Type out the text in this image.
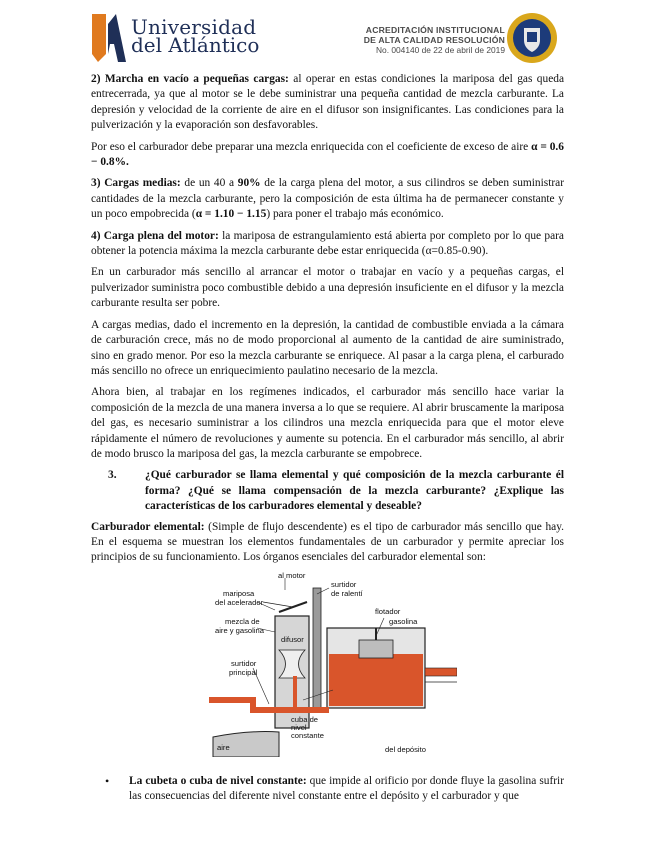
Universidad
del Atlántico
ACREDITACIÓN INSTITUCIONAL
DE ALTA CALIDAD RESOLUCIÓN
No. 004140 de 22 de abril de 2019

2) Marcha en vacío a pequeñas cargas: al operar en estas condiciones la mariposa del gas queda entrecerrada, ya que al motor se le debe suministrar una pequeña cantidad de mezcla carburante. La depresión y velocidad de la corriente de aire en el difusor son insignificantes. Las condiciones para la pulverización y la evaporación son desfavorables.

Por eso el carburador debe preparar una mezcla enriquecida con el coeficiente de exceso de aire α = 0.6 − 0.8%.

3) Cargas medias: de un 40 a 90% de la carga plena del motor, a sus cilindros se deben suministrar cantidades de la mezcla carburante, pero la composición de esta última ha de permanecer constante y un poco empobrecida (α = 1.10 − 1.15) para poner el trabajo más económico.

4) Carga plena del motor: la mariposa de estrangulamiento está abierta por completo por lo que para obtener la potencia máxima la mezcla carburante debe estar enriquecida (α=0.85-0.90).

En un carburador más sencillo al arrancar el motor o trabajar en vacío y a pequeñas cargas, el pulverizador suministra poco combustible debido a una depresión insuficiente en el difusor y la mezcla carburante resulta ser pobre.

A cargas medias, dado el incremento en la depresión, la cantidad de combustible enviada a la cámara de carburación crece, más no de modo proporcional al aumento de la cantidad de aire suministrado, sino en grado menor. Por eso la mezcla carburante se enriquece. Al pasar a la carga plena, el carburado más sencillo no ofrece un enriquecimiento paulatino necesario de la mezcla.

Ahora bien, al trabajar en los regímenes indicados, el carburador más sencillo hace variar la composición de la mezcla de una manera inversa a lo que se requiere. Al abrir bruscamente la mariposa del gas, es necesario suministrar a los cilindros una mezcla enriquecida para que el motor eleve rápidamente el número de revoluciones y aumente su potencia. En el carburador más sencillo, al abrir de modo brusco la mariposa del gas, la mezcla carburante se empobrece.

3.	¿Qué carburador se llama elemental y qué composición de la mezcla carburante él forma? ¿Qué se llama compensación de la mezcla carburante? ¿Explique las características de los carburadores elemental y deseable?

Carburador elemental: (Simple de flujo descendente) es el tipo de carburador más sencillo que hay. En el esquema se muestran los elementos fundamentales de un carburador y permite apreciar los principios de su funcionamiento. Los órganos esenciales del carburador elemental son:

al motor
surtidor
de ralentí
mariposa
del acelerador
flotador
gasolina
mezcla de
aire y gasolina
difusor
surtidor
principal
cuba de
nivel
constante
aire	del depósito
•	La cubeta o cuba de nivel constante: que impide al orificio por donde fluye la gasolina sufrir las consecuencias del diferente nivel constante entre el depósito y el carburador y que
